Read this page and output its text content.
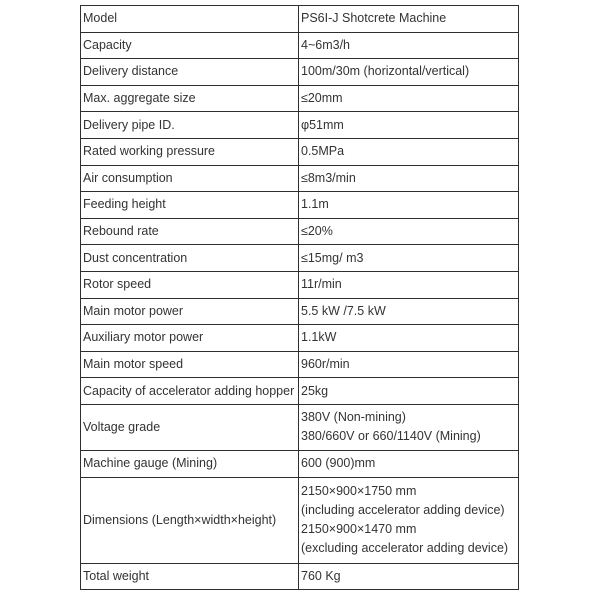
Model	PS6I-J Shotcrete Machine

Capacity	4~6m3/h

Delivery distance	100m/30m (horizontal/vertical)

Max. aggregate size	≤20mm

Delivery pipe ID.	φ51mm

Rated working pressure	0.5MPa

Air consumption	≤8m3/min

Feeding height	1.1m

Rebound rate	≤20%

Dust concentration	≤15mg/ m3

Rotor speed	11r/min

Main motor power	5.5 kW /7.5 kW

Auxiliary motor power	1.1kW

Main motor speed	960r/min

Capacity of accelerator adding hopper	25kg

Voltage grade	380V (Non-mining)
380/660V or 660/1140V (Mining)

Machine gauge (Mining)	600 (900)mm

Dimensions (Length×width×height)	2150×900×1750 mm
(including accelerator adding device)
2150×900×1470 mm
(excluding accelerator adding device)

Total weight	760 Kg
